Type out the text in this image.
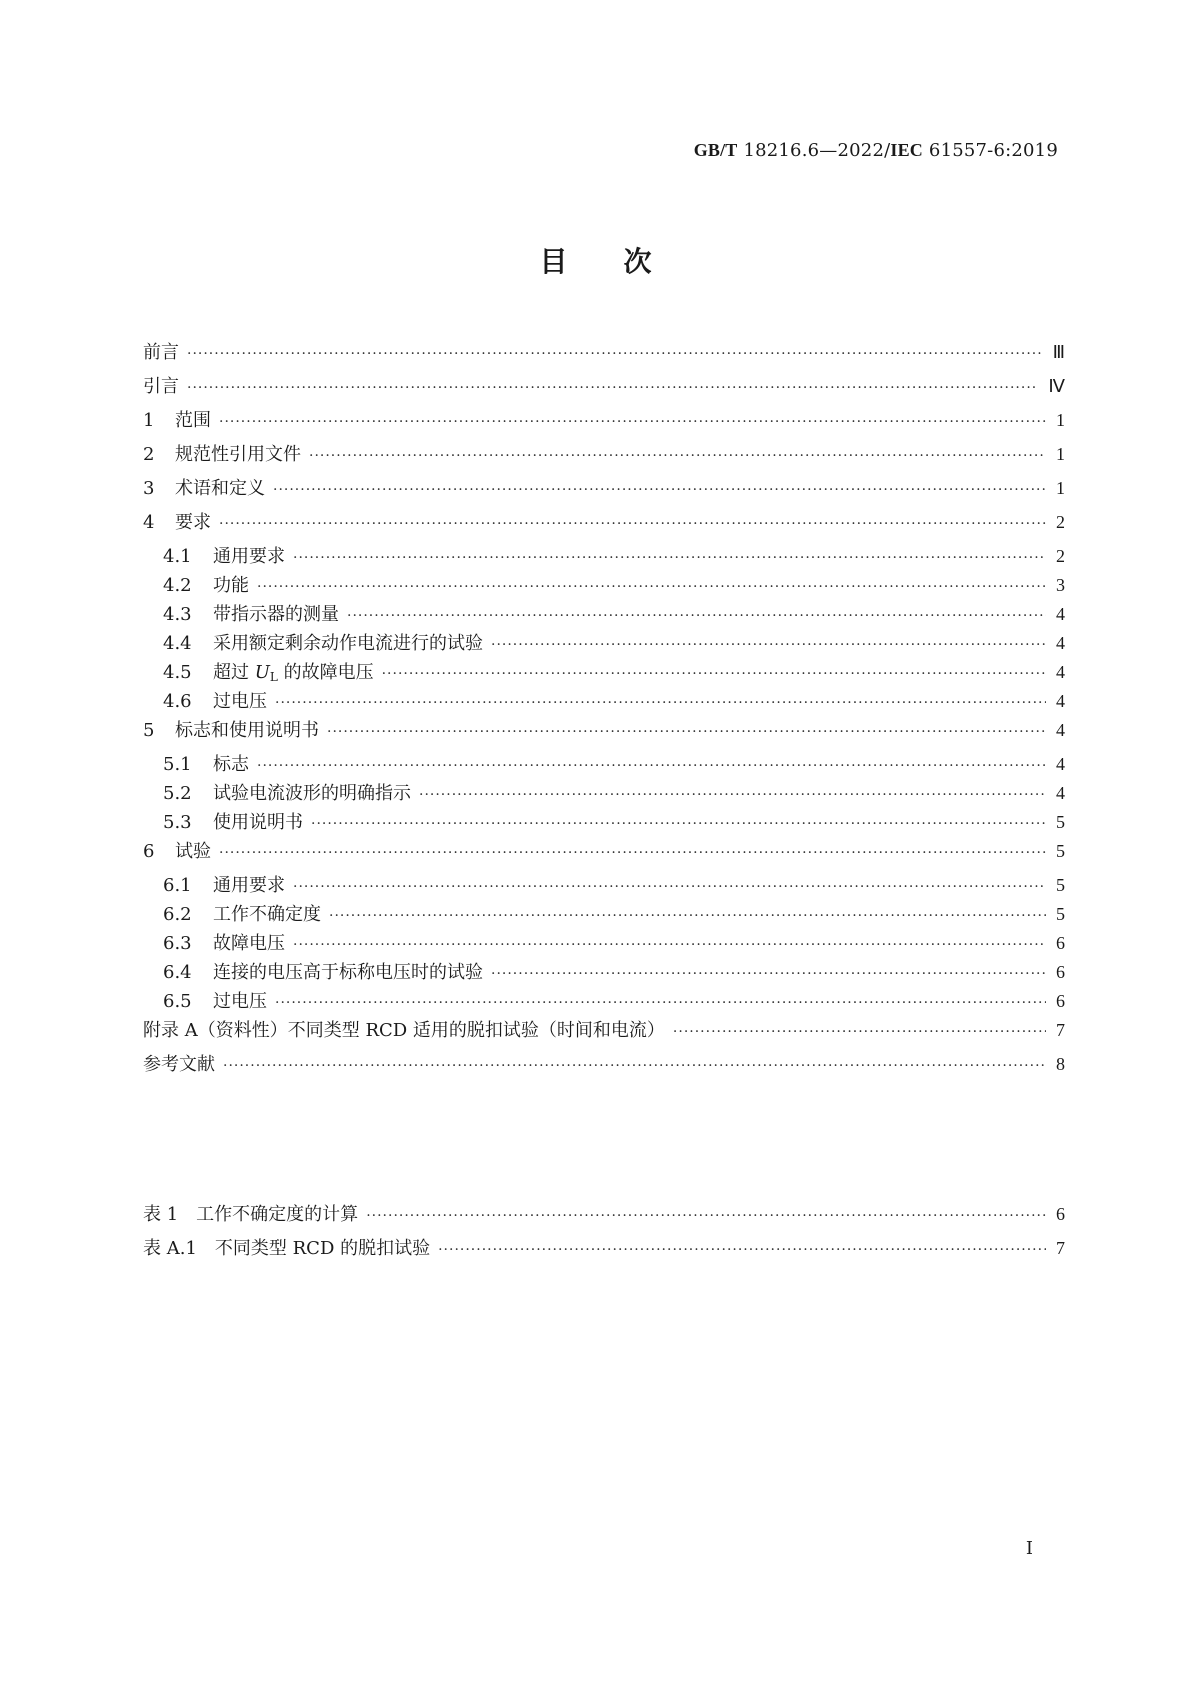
GB/T 18216.6—2022/IEC 61557-6:2019
目次
前言 ·····	Ⅲ
引言 ·····	Ⅳ
1	范围 ·····	1
2	规范性引用文件 ·····	1
3	术语和定义 ·····	1
4	要求 ·····	2
4.1	通用要求 ·····	2
4.2	功能 ·····	3
4.3	带指示器的测量 ·····	4
4.4	采用额定剩余动作电流进行的试验 ·····	4
4.5	超过 $U_L$ 的故障电压 ·····	4
4.6	过电压 ·····	4
5	标志和使用说明书 ·····	4
5.1	标志 ·····	4
5.2	试验电流波形的明确指示 ·····	4
5.3	使用说明书 ·····	5
6	试验 ·····	5
6.1	通用要求 ·····	5
6.2	工作不确定度 ·····	5
6.3	故障电压 ·····	6
6.4	连接的电压高于标称电压时的试验 ·····	6
6.5	过电压 ·····	6
附录 A（资料性）不同类型 RCD 适用的脱扣试验（时间和电流） ·····	7
参考文献 ·····	8
表 1　工作不确定度的计算 ·····	6
表 A.1　不同类型 RCD 的脱扣试验 ·····	7
Ⅰ
